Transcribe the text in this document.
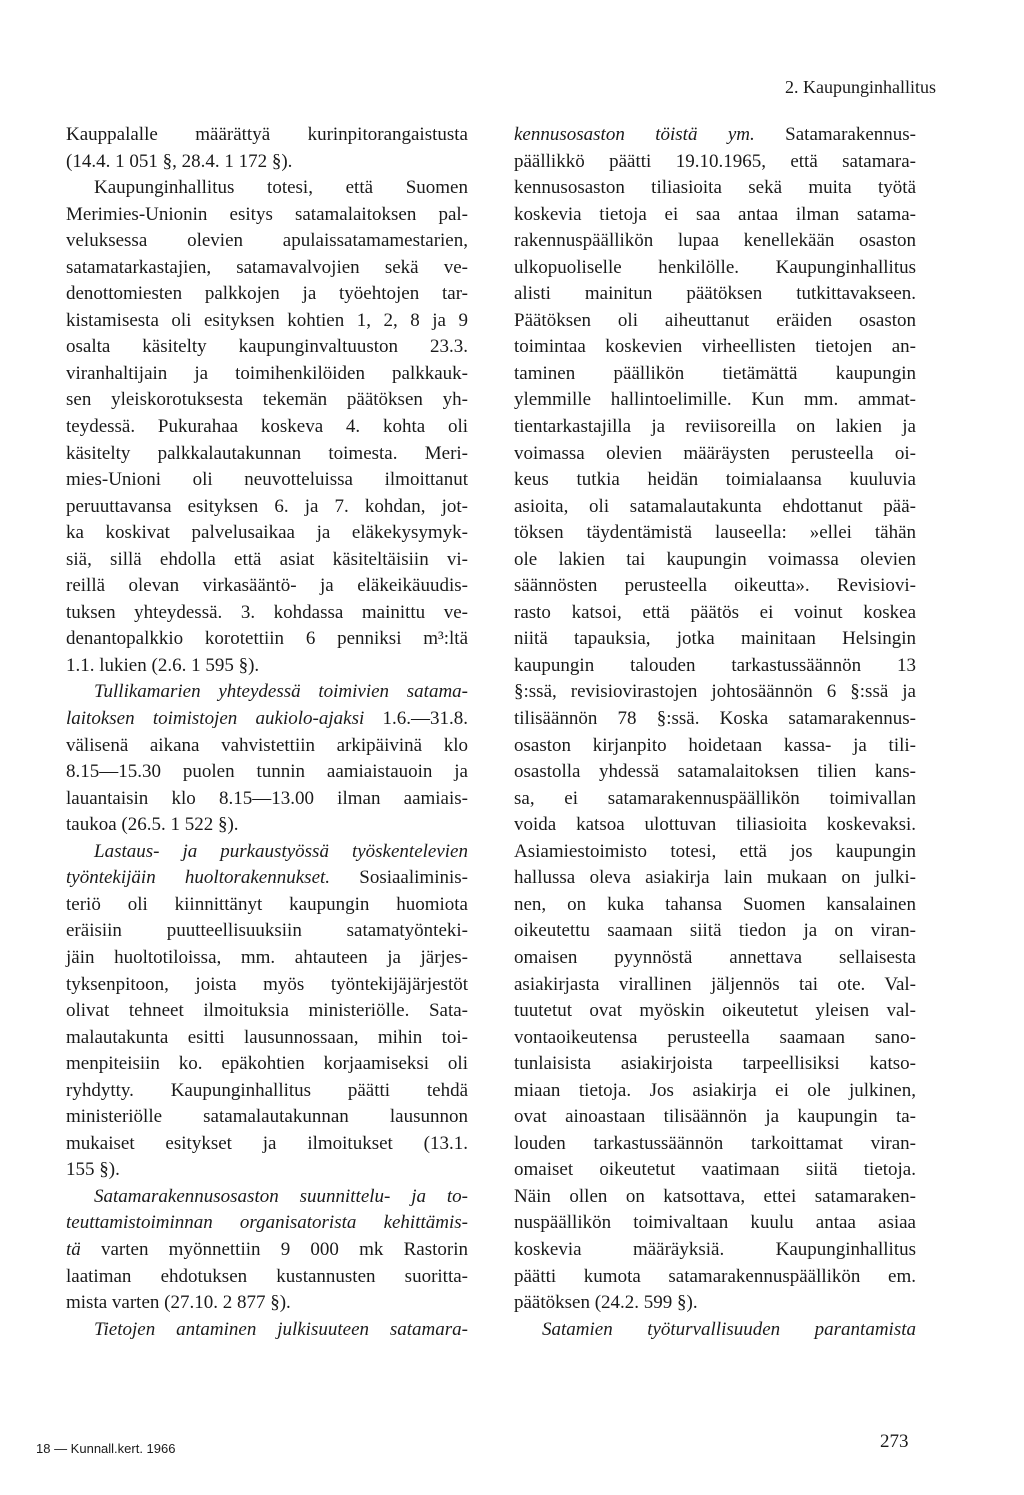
2. Kaupunginhallitus
Kauppalalle määrättyä kurinpitorangaistusta
(14.4. 1 051 §, 28.4. 1 172 §).
Kaupunginhallitus totesi, että Suomen
Merimies-Unionin esitys satamalaitoksen pal-
veluksessa olevien apulaissatamamestarien,
satamatarkastajien, satamavalvojien sekä ve-
denottomiesten palkkojen ja työehtojen tar-
kistamisesta oli esityksen kohtien 1, 2, 8 ja 9
osalta käsitelty kaupunginvaltuuston 23.3.
viranhaltijain ja toimihenkilöiden palkkauk-
sen yleiskorotuksesta tekemän päätöksen yh-
teydessä. Pukurahaa koskeva 4. kohta oli
käsitelty palkkalautakunnan toimesta. Meri-
mies-Unioni oli neuvotteluissa ilmoittanut
peruuttavansa esityksen 6. ja 7. kohdan, jot-
ka koskivat palvelusaikaa ja eläkekysymyk-
siä, sillä ehdolla että asiat käsiteltäisiin vi-
reillä olevan virkasääntö- ja eläkeikäuudis-
tuksen yhteydessä. 3. kohdassa mainittu ve-
denantopalkkio korotettiin 6 penniksi m³:ltä
1.1. lukien (2.6. 1 595 §).
Tullikamarien yhteydessä toimivien satama-
laitoksen toimistojen aukiolo-ajaksi 1.6.—31.8.
välisenä aikana vahvistettiin arkipäivinä klo
8.15—15.30 puolen tunnin aamiaistauoin ja
lauantaisin klo 8.15—13.00 ilman aamiais-
taukoa (26.5. 1 522 §).
Lastaus- ja purkaustyössä työskentelevien
työntekijäin huoltorakennukset. Sosiaaliminis-
teriö oli kiinnittänyt kaupungin huomiota
eräisiin puutteellisuuksiin satamatyönteki-
jäin huoltotiloissa, mm. ahtauteen ja järjes-
tyksenpitoon, joista myös työntekijäjärjestöt
olivat tehneet ilmoituksia ministeriölle. Sata-
malautakunta esitti lausunnossaan, mihin toi-
menpiteisiin ko. epäkohtien korjaamiseksi oli
ryhdytty. Kaupunginhallitus päätti tehdä
ministeriölle satamalautakunnan lausunnon
mukaiset esitykset ja ilmoitukset (13.1.
155 §).
Satamarakennusosaston suunnittelu- ja to-
teuttamistoiminnan organisatorista kehittämis-
tä varten myönnettiin 9 000 mk Rastorin
laatiman ehdotuksen kustannusten suoritta-
mista varten (27.10. 2 877 §).
Tietojen antaminen julkisuuteen satamara-
kennusosaston töistä ym. Satamarakennus-
päällikkö päätti 19.10.1965, että satamara-
kennusosaston tiliasioita sekä muita työtä
koskevia tietoja ei saa antaa ilman satama-
rakennuspäällikön lupaa kenellekään osaston
ulkopuoliselle henkilölle. Kaupunginhallitus
alisti mainitun päätöksen tutkittavakseen.
Päätöksen oli aiheuttanut eräiden osaston
toimintaa koskevien virheellisten tietojen an-
taminen päällikön tietämättä kaupungin
ylemmille hallintoelimille. Kun mm. ammat-
tientarkastajilla ja reviisoreilla on lakien ja
voimassa olevien määräysten perusteella oi-
keus tutkia heidän toimialaansa kuuluvia
asioita, oli satamalautakunta ehdottanut pää-
töksen täydentämistä lauseella: »ellei tähän
ole lakien tai kaupungin voimassa olevien
säännösten perusteella oikeutta». Revisiovi-
rasto katsoi, että päätös ei voinut koskea
niitä tapauksia, jotka mainitaan Helsingin
kaupungin talouden tarkastussäännön 13
§:ssä, revisiovirastojen johtosäännön 6 §:ssä ja
tilisäännön 78 §:ssä. Koska satamarakennus-
osaston kirjanpito hoidetaan kassa- ja tili-
osastolla yhdessä satamalaitoksen tilien kans-
sa, ei satamarakennuspäällikön toimivallan
voida katsoa ulottuvan tiliasioita koskevaksi.
Asiamiestoimisto totesi, että jos kaupungin
hallussa oleva asiakirja lain mukaan on julki-
nen, on kuka tahansa Suomen kansalainen
oikeutettu saamaan siitä tiedon ja on viran-
omaisen pyynnöstä annettava sellaisesta
asiakirjasta virallinen jäljennös tai ote. Val-
tuutetut ovat myöskin oikeutetut yleisen val-
vontaoikeutensa perusteella saamaan sano-
tunlaisista asiakirjoista tarpeellisiksi katso-
miaan tietoja. Jos asiakirja ei ole julkinen,
ovat ainoastaan tilisäännön ja kaupungin ta-
louden tarkastussäännön tarkoittamat viran-
omaiset oikeutetut vaatimaan siitä tietoja.
Näin ollen on katsottava, ettei satamaraken-
nuspäällikön toimivaltaan kuulu antaa asiaa
koskevia määräyksiä. Kaupunginhallitus
päätti kumota satamarakennuspäällikön em.
päätöksen (24.2. 599 §).
Satamien työturvallisuuden parantamista
18 — Kunnall.kert. 1966	273
